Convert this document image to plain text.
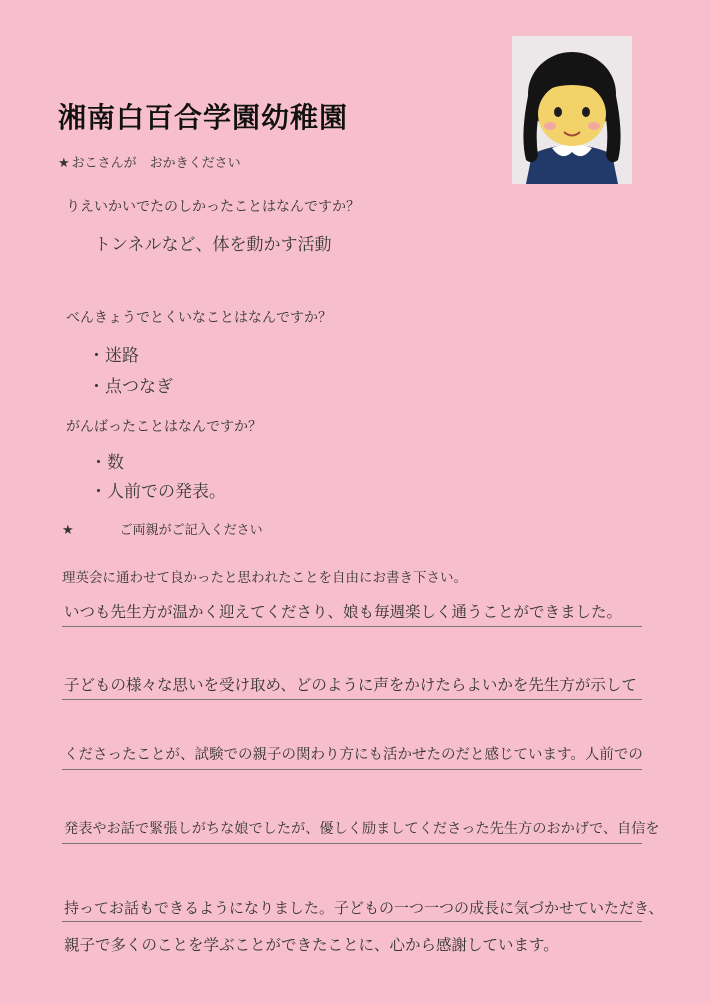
湘南白百合学園幼稚園
★ おこさんが　おかきください
りえいかいでたのしかったことはなんですか？
トンネルなど、体を動かす活動
べんきょうでとくいなことはなんですか？
・迷路
・点つなぎ
がんばったことはなんですか？
・数
・人前での発表。
★	ご両親がご記入ください
理英会に通わせて良かったと思われたことを自由にお書き下さい。
いつも先生方が温かく迎えてくださり、娘も毎週楽しく通うことができました。
子どもの様々な思いを受け取め、どのように声をかけたらよいかを先生方が示して
くださったことが、試験での親子の関わり方にも活かせたのだと感じています。人前での
発表やお話で緊張しがちな娘でしたが、優しく励ましてくださった先生方のおかげで、自信を
持ってお話もできるようになりました。子どもの一つ一つの成長に気づかせていただき、
親子で多くのことを学ぶことができたことに、心から感謝しています。
